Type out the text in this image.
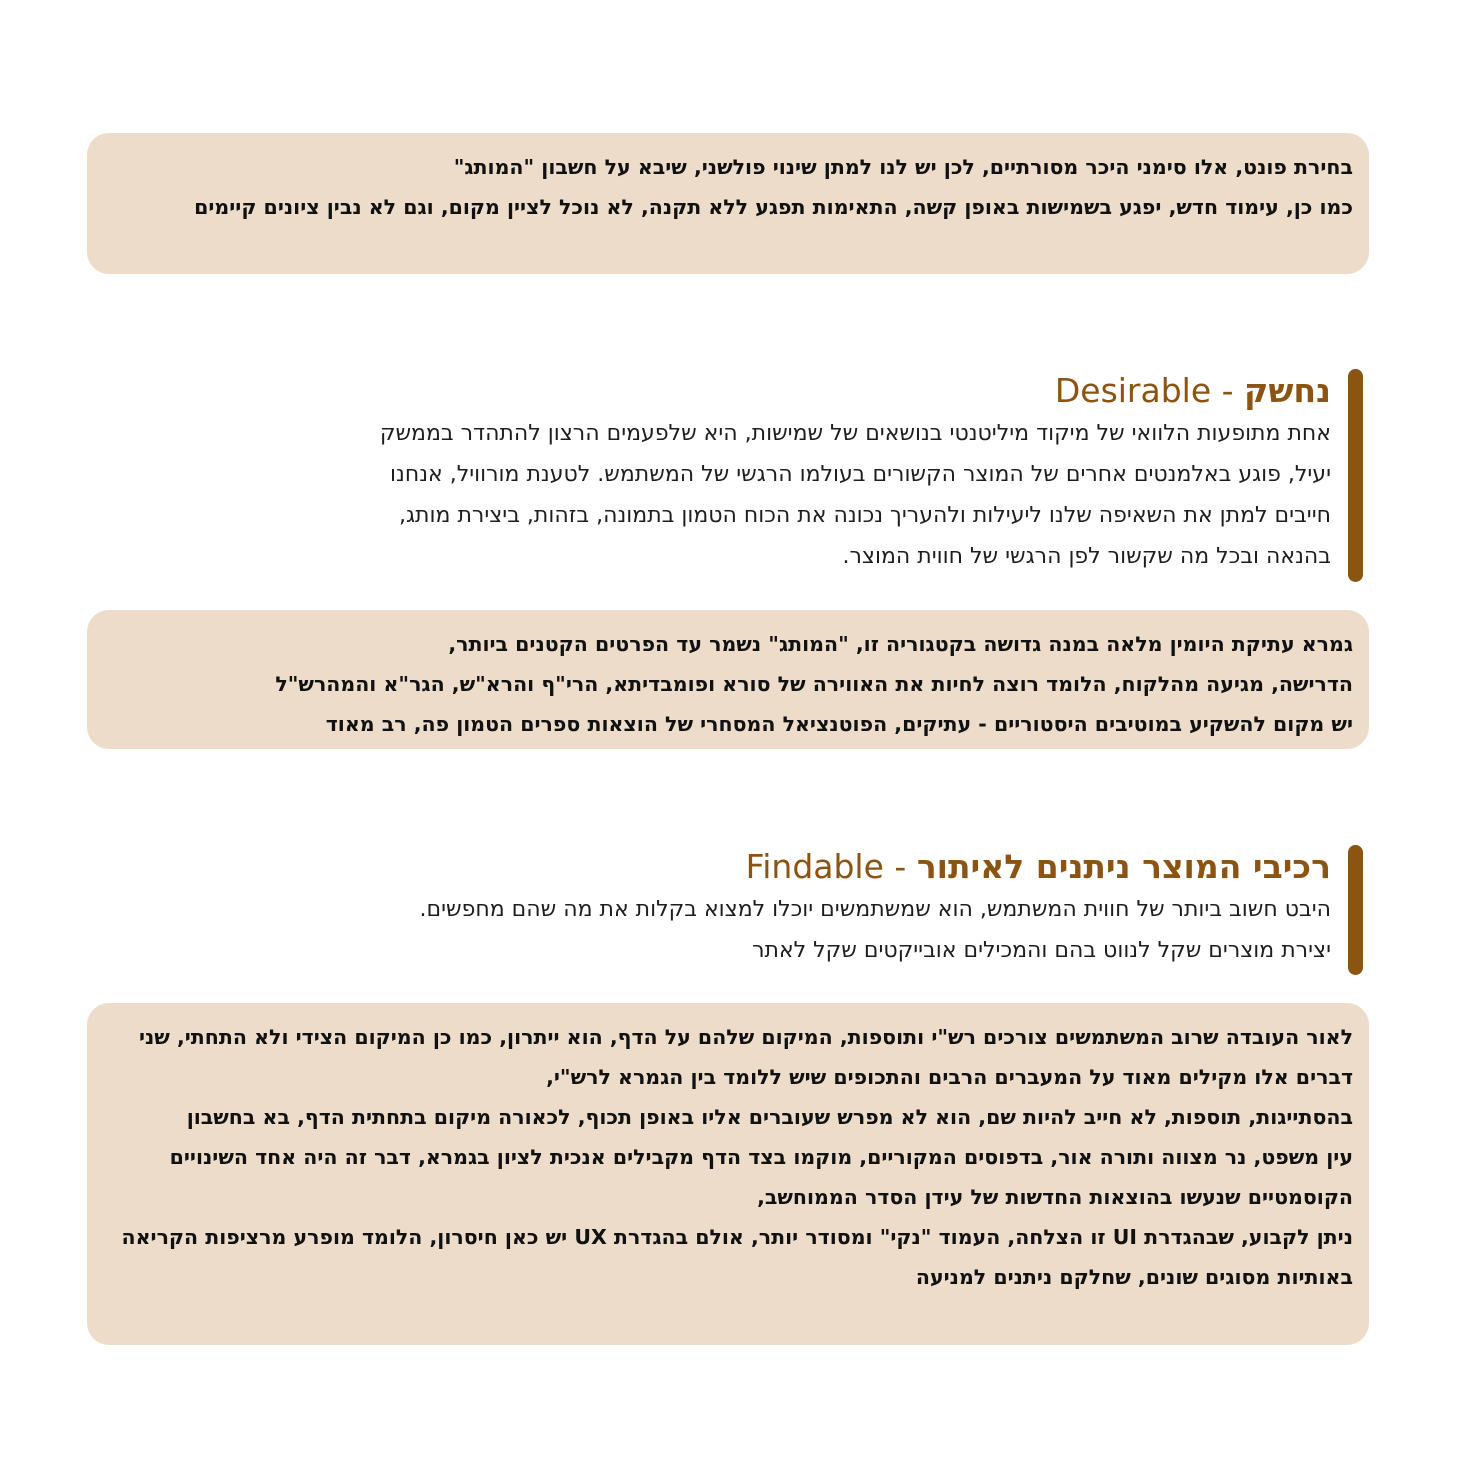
בחירת פונט, אלו סימני היכר מסורתיים, לכן יש לנו למתן שינוי פולשני, שיבא על חשבון "המותג"
כמו כן, עימוד חדש, יפגע בשמישות באופן קשה, התאימות תפגע ללא תקנה, לא נוכל לציין מקום, וגם לא נבין ציונים קיימים
נחשק - Desirable
אחת מתופעות הלוואי של מיקוד מיליטנטי בנושאים של שמישות, היא שלפעמים הרצון להתהדר בממשק
יעיל, פוגע באלמנטים אחרים של המוצר הקשורים בעולמו הרגשי של המשתמש. לטענת מורוויל, אנחנו
חייבים למתן את השאיפה שלנו ליעילות ולהעריך נכונה את הכוח הטמון בתמונה, בזהות, ביצירת מותג,
בהנאה ובכל מה שקשור לפן הרגשי של חווית המוצר.
גמרא עתיקת היומין מלאה במנה גדושה בקטגוריה זו, "המותג" נשמר עד הפרטים הקטנים ביותר,
הדרישה, מגיעה מהלקוח, הלומד רוצה לחיות את האווירה של סורא ופומבדיתא, הרי"ף והרא"ש, הגר"א והמהרש"ל
יש מקום להשקיע במוטיבים היסטוריים - עתיקים, הפוטנציאל המסחרי של הוצאות ספרים הטמון פה, רב מאוד
רכיבי המוצר ניתנים לאיתור - Findable
היבט חשוב ביותר של חווית המשתמש, הוא שמשתמשים יוכלו למצוא בקלות את מה שהם מחפשים.
יצירת מוצרים שקל לנווט בהם והמכילים אובייקטים שקל לאתר
לאור העובדה שרוב המשתמשים צורכים רש"י ותוספות, המיקום שלהם על הדף, הוא ייתרון, כמו כן המיקום הצידי ולא התחתי, שני דברים אלו מקילים מאוד על המעברים הרבים והתכופים שיש ללומד בין הגמרא לרש"י,
בהסתייגות, תוספות, לא חייב להיות שם, הוא לא מפרש שעוברים אליו באופן תכוף, לכאורה מיקום בתחתית הדף, בא בחשבון
עין משפט, נר מצווה ותורה אור, בדפוסים המקוריים, מוקמו בצד הדף מקבילים אנכית לציון בגמרא, דבר זה היה אחד השינויים הקוסמטיים שנעשו בהוצאות החדשות של עידן הסדר הממוחשב,
ניתן לקבוע, שבהגדרת UI זו הצלחה, העמוד "נקי" ומסודר יותר, אולם בהגדרת UX יש כאן חיסרון, הלומד מופרע מרציפות הקריאה באותיות מסוגים שונים, שחלקם ניתנים למניעה
